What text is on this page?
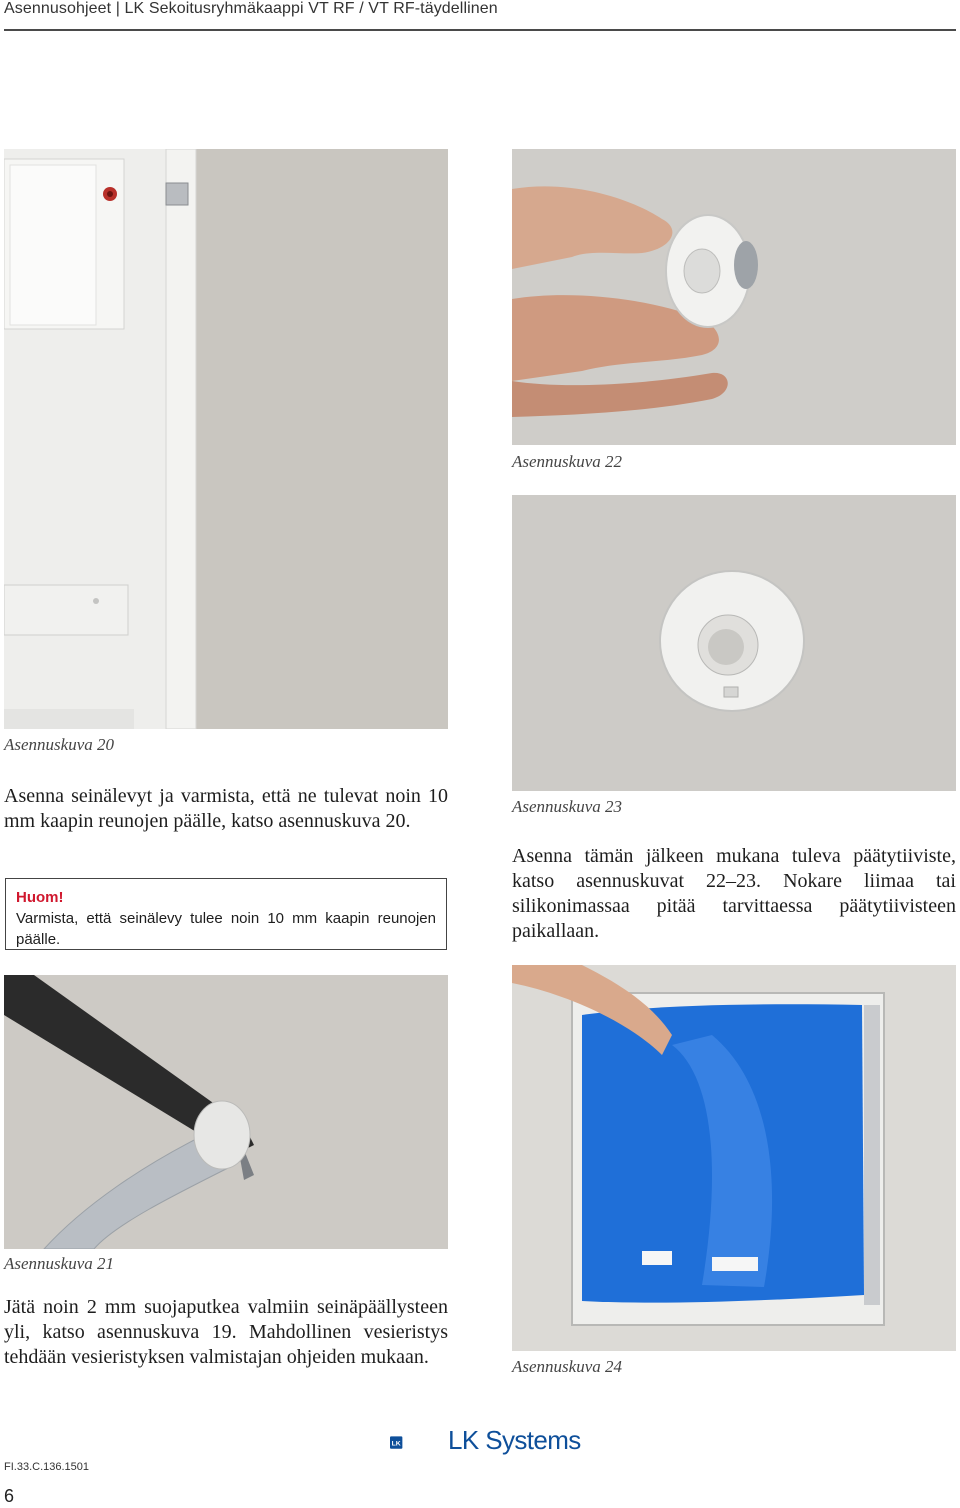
Asennusohjeet | LK Sekoitusryhmäkaappi VT RF / VT RF-täydellinen
Asennuskuva 20
Asenna seinälevyt ja varmista, että ne tulevat noin 10 mm kaapin reunojen päälle, katso asennuskuva 20.
Huom!
Varmista, että seinälevy tulee noin 10 mm kaapin reunojen päälle.
Asennuskuva 22
Asennuskuva 23
Asenna tämän jälkeen mukana tuleva päätytiiviste, katso asennuskuvat 22–23. Nokare liimaa tai silikonimassaa pitää tarvittaessa päätytiivisteen paikallaan.
Asennuskuva 21
Jätä noin 2 mm suojaputkea valmiin seinäpäällysteen yli, katso asennuskuva 19. Mahdollinen vesieristys tehdään vesieristyksen valmistajan ohjeiden mukaan.	Asennuskuva 24
LK LK Systems
FI.33.C.136.1501
6
